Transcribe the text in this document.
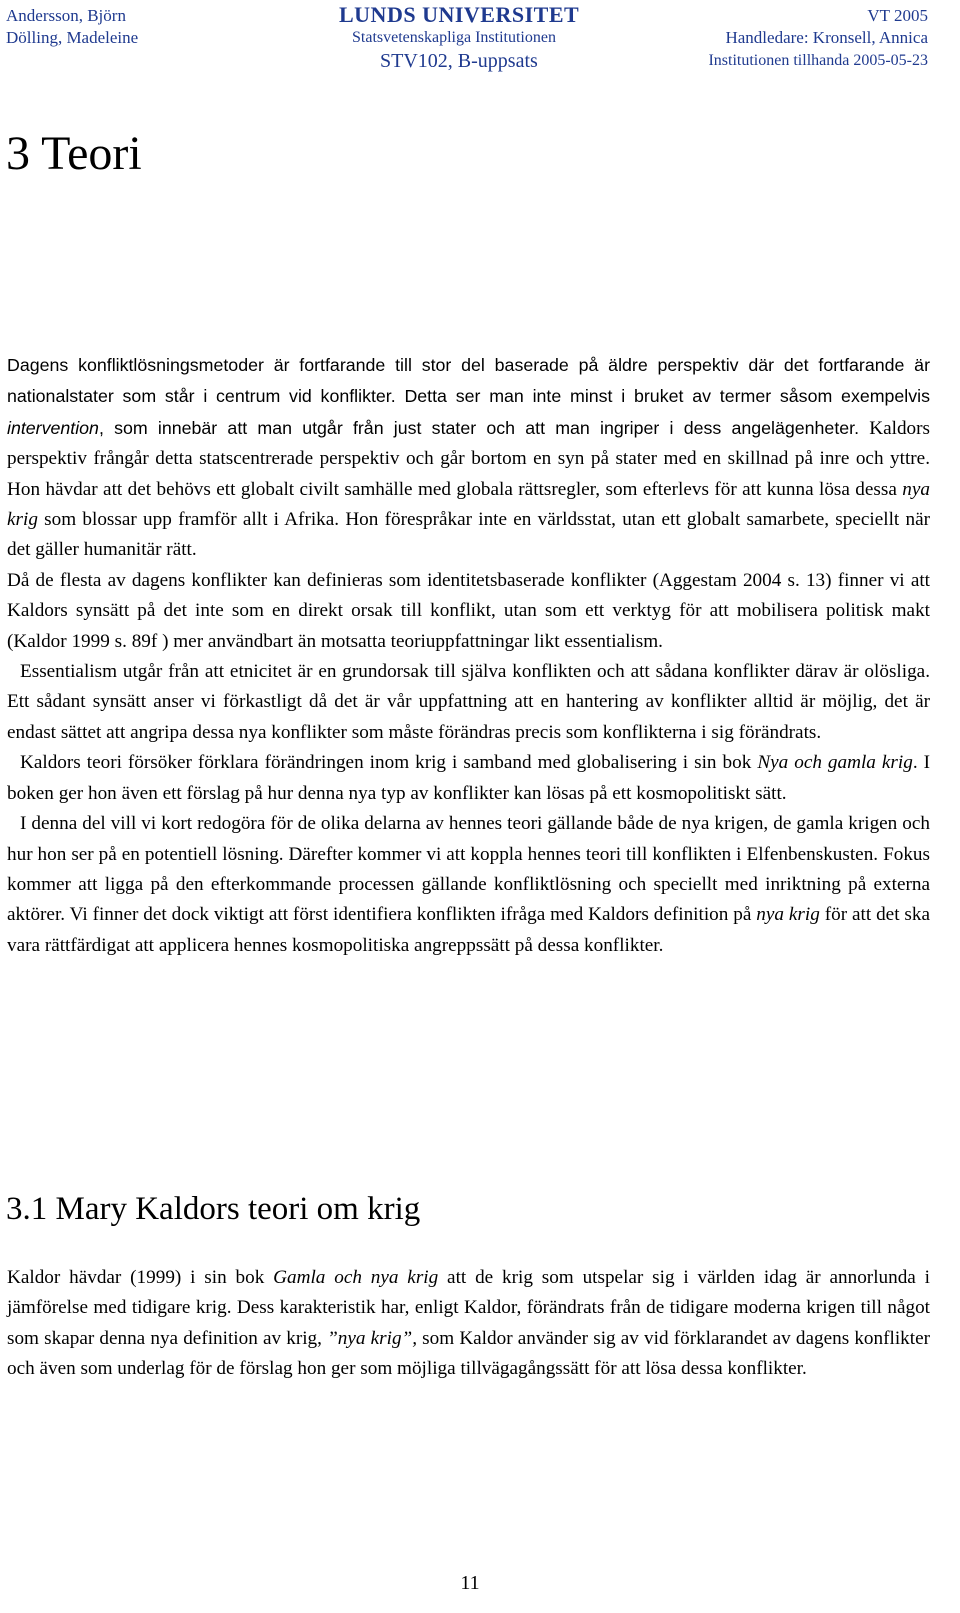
Andersson, Björn
Dölling, Madeleine
LUNDS UNIVERSITET
Statsvetenskapliga Institutionen
STV102, B-uppsats
VT 2005
Handledare: Kronsell, Annica
Institutionen tillhanda 2005-05-23
3 Teori

Dagens konfliktlösningsmetoder är fortfarande till stor del baserade på äldre perspektiv där det fortfarande är nationalstater som står i centrum vid konflikter. Detta ser man inte minst i bruket av termer såsom exempelvis intervention, som innebär att man utgår från just stater och att man ingriper i dess angelägenheter. Kaldors perspektiv frångår detta statscentrerade perspektiv och går bortom en syn på stater med en skillnad på inre och yttre. Hon hävdar att det behövs ett globalt civilt samhälle med globala rättsregler, som efterlevs för att kunna lösa dessa nya krig som blossar upp framför allt i Afrika. Hon förespråkar inte en världsstat, utan ett globalt samarbete, speciellt när det gäller humanitär rätt.

Då de flesta av dagens konflikter kan definieras som identitetsbaserade konflikter (Aggestam 2004 s. 13) finner vi att Kaldors synsätt på det inte som en direkt orsak till konflikt, utan som ett verktyg för att mobilisera politisk makt (Kaldor 1999 s. 89f ) mer användbart än motsatta teoriuppfattningar likt essentialism.

Essentialism utgår från att etnicitet är en grundorsak till själva konflikten och att sådana konflikter därav är olösliga. Ett sådant synsätt anser vi förkastligt då det är vår uppfattning att en hantering av konflikter alltid är möjlig, det är endast sättet att angripa dessa nya konflikter som måste förändras precis som konflikterna i sig förändrats.

Kaldors teori försöker förklara förändringen inom krig i samband med globalisering i sin bok Nya och gamla krig. I boken ger hon även ett förslag på hur denna nya typ av konflikter kan lösas på ett kosmopolitiskt sätt.

I denna del vill vi kort redogöra för de olika delarna av hennes teori gällande både de nya krigen, de gamla krigen och hur hon ser på en potentiell lösning. Därefter kommer vi att koppla hennes teori till konflikten i Elfenbenskusten. Fokus kommer att ligga på den efterkommande processen gällande konfliktlösning och speciellt med inriktning på externa aktörer. Vi finner det dock viktigt att först identifiera konflikten ifråga med Kaldors definition på nya krig för att det ska vara rättfärdigat att applicera hennes kosmopolitiska angreppssätt på dessa konflikter.

3.1 Mary Kaldors teori om krig

Kaldor hävdar (1999) i sin bok Gamla och nya krig att de krig som utspelar sig i världen idag är annorlunda i jämförelse med tidigare krig. Dess karakteristik har, enligt Kaldor, förändrats från de tidigare moderna krigen till något som skapar denna nya definition av krig, ”nya krig”, som Kaldor använder sig av vid förklarandet av dagens konflikter och även som underlag för de förslag hon ger som möjliga tillvägagångssätt för att lösa dessa konflikter.

11
